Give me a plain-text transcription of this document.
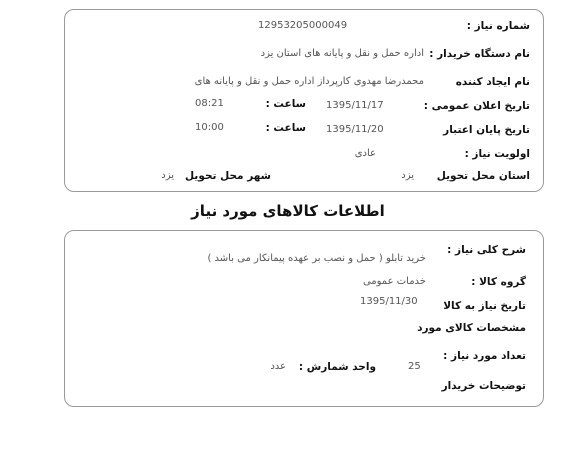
شماره نیاز :
12953205000049
نام دستگاه خریدار :
اداره حمل و نقل و پایانه های استان یزد
نام ایجاد کننده
محمدرضا مهدوی کارپرداز اداره حمل و نقل و پایانه های
تاریخ اعلان عمومی :
1395/11/17
ساعت :
08:21
تاریخ پایان اعتبار
1395/11/20
ساعت :
10:00
اولویت نیاز :
عادی
استان محل تحویل
یزد
شهر محل تحویل
یزد
اطلاعات کالاهای مورد نیاز
شرح کلی نیاز :
خرید تابلو ( حمل و نصب بر عهده پیمانکار می باشد )
گروه کالا :
خدمات عمومی
تاریخ نیاز به کالا
1395/11/30
مشخصات کالای مورد
تعداد مورد نیاز :
25
واحد شمارش :
عدد
توضیحات خریدار
